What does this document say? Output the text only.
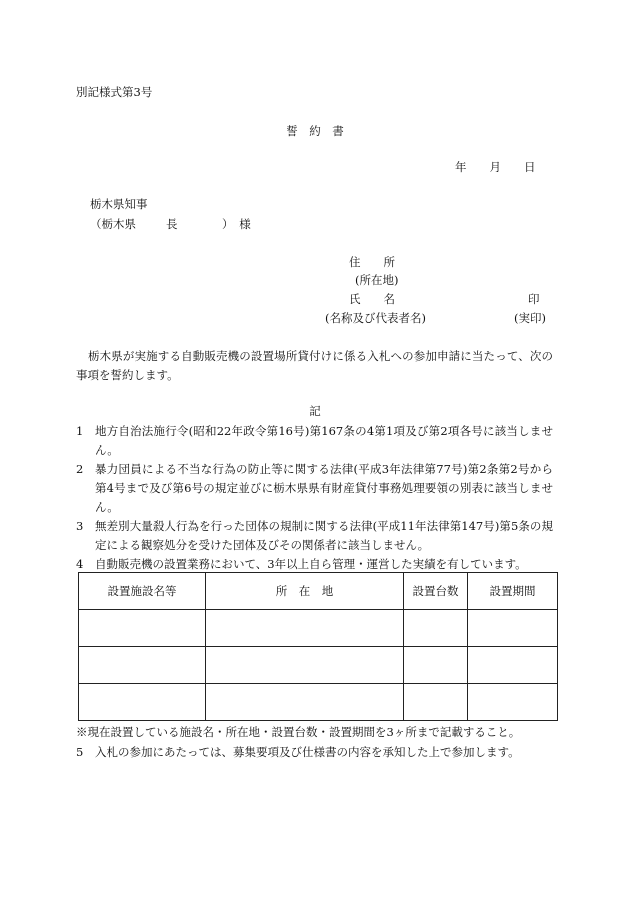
別記様式第3号
誓　約　書
年　　月　　日
栃木県知事
（栃木県	長	）　様
住　　所
(所在地)
氏　　名	印
(名称及び代表者名)	(実印)
栃木県が実施する自動販売機の設置場所貸付けに係る入札への参加申請に当たって、次の事項を誓約します。
記
1 地方自治法施行令(昭和22年政令第16号)第167条の4第1項及び第2項各号に該当しません。
2 暴力団員による不当な行為の防止等に関する法律(平成3年法律第77号)第2条第2号から第4号まで及び第6号の規定並びに栃木県県有財産貸付事務処理要領の別表に該当しません。
3 無差別大量殺人行為を行った団体の規制に関する法律(平成11年法律第147号)第5条の規定による観察処分を受けた団体及びその関係者に該当しません。
4 自動販売機の設置業務において、3年以上自ら管理・運営した実績を有しています。
設置施設名等	所　在　地	設置台数	設置期間

※現在設置している施設名・所在地・設置台数・設置期間を3ヶ所まで記載すること。
5 入札の参加にあたっては、募集要項及び仕様書の内容を承知した上で参加します。
